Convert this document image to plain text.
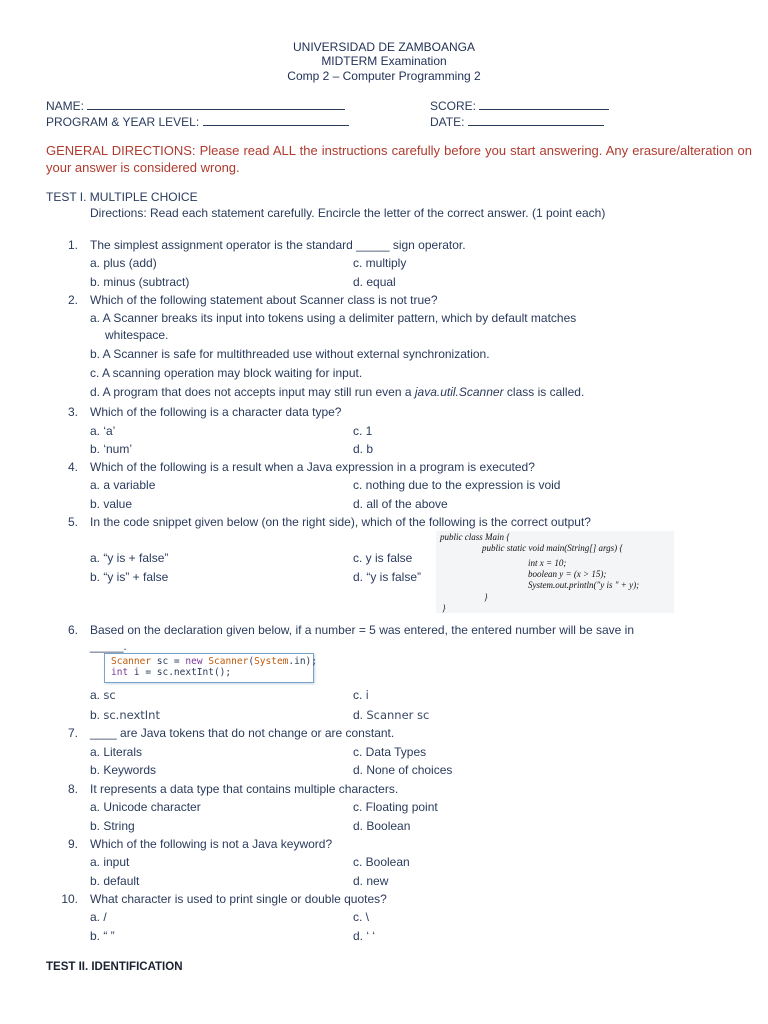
UNIVERSIDAD DE ZAMBOANGA
MIDTERM Examination
Comp 2 – Computer Programming 2
NAME:	SCORE:
PROGRAM & YEAR LEVEL:	DATE:
GENERAL DIRECTIONS: Please read ALL the instructions carefully before you start answering. Any erasure/alteration on your answer is considered wrong.
TEST I. MULTIPLE CHOICE
Directions: Read each statement carefully. Encircle the letter of the correct answer. (1 point each)
1. The simplest assignment operator is the standard _____ sign operator.
a. plus (add)	c. multiply
b. minus (subtract)	d. equal
2. Which of the following statement about Scanner class is not true?
a. A Scanner breaks its input into tokens using a delimiter pattern, which by default matches
whitespace.
b. A Scanner is safe for multithreaded use without external synchronization.
c. A scanning operation may block waiting for input.
d. A program that does not accepts input may still run even a java.util.Scanner class is called.
3. Which of the following is a character data type?
a. ‘a’	c. 1
b. ‘num’	d. b
4. Which of the following is a result when a Java expression in a program is executed?
a. a variable	c. nothing due to the expression is void
b. value	d. all of the above
5. In the code snippet given below (on the right side), which of the following is the correct output?
a. “y is + false”	c. y is false
b. “y is” + false	d. “y is false”
public class Main {
public static void main(String[] args) {
int x = 10;
boolean y = (x > 15);
System.out.println("y is " + y);
}
}
6. Based on the declaration given below, if a number = 5 was entered, the entered number will be save in
_____.
Scanner sc = new Scanner(System.in);
int i = sc.nextInt();
a. sc	c. i
b. sc.nextInt	d. Scanner sc
7. ____ are Java tokens that do not change or are constant.
a. Literals	c. Data Types
b. Keywords	d. None of choices
8. It represents a data type that contains multiple characters.
a. Unicode character	c. Floating point
b. String	d. Boolean
9. Which of the following is not a Java keyword?
a. input	c. Boolean
b. default	d. new
10. What character is used to print single or double quotes?
a. /	c. \
b. “ ”	d. ‘ ‘
TEST II. IDENTIFICATION
